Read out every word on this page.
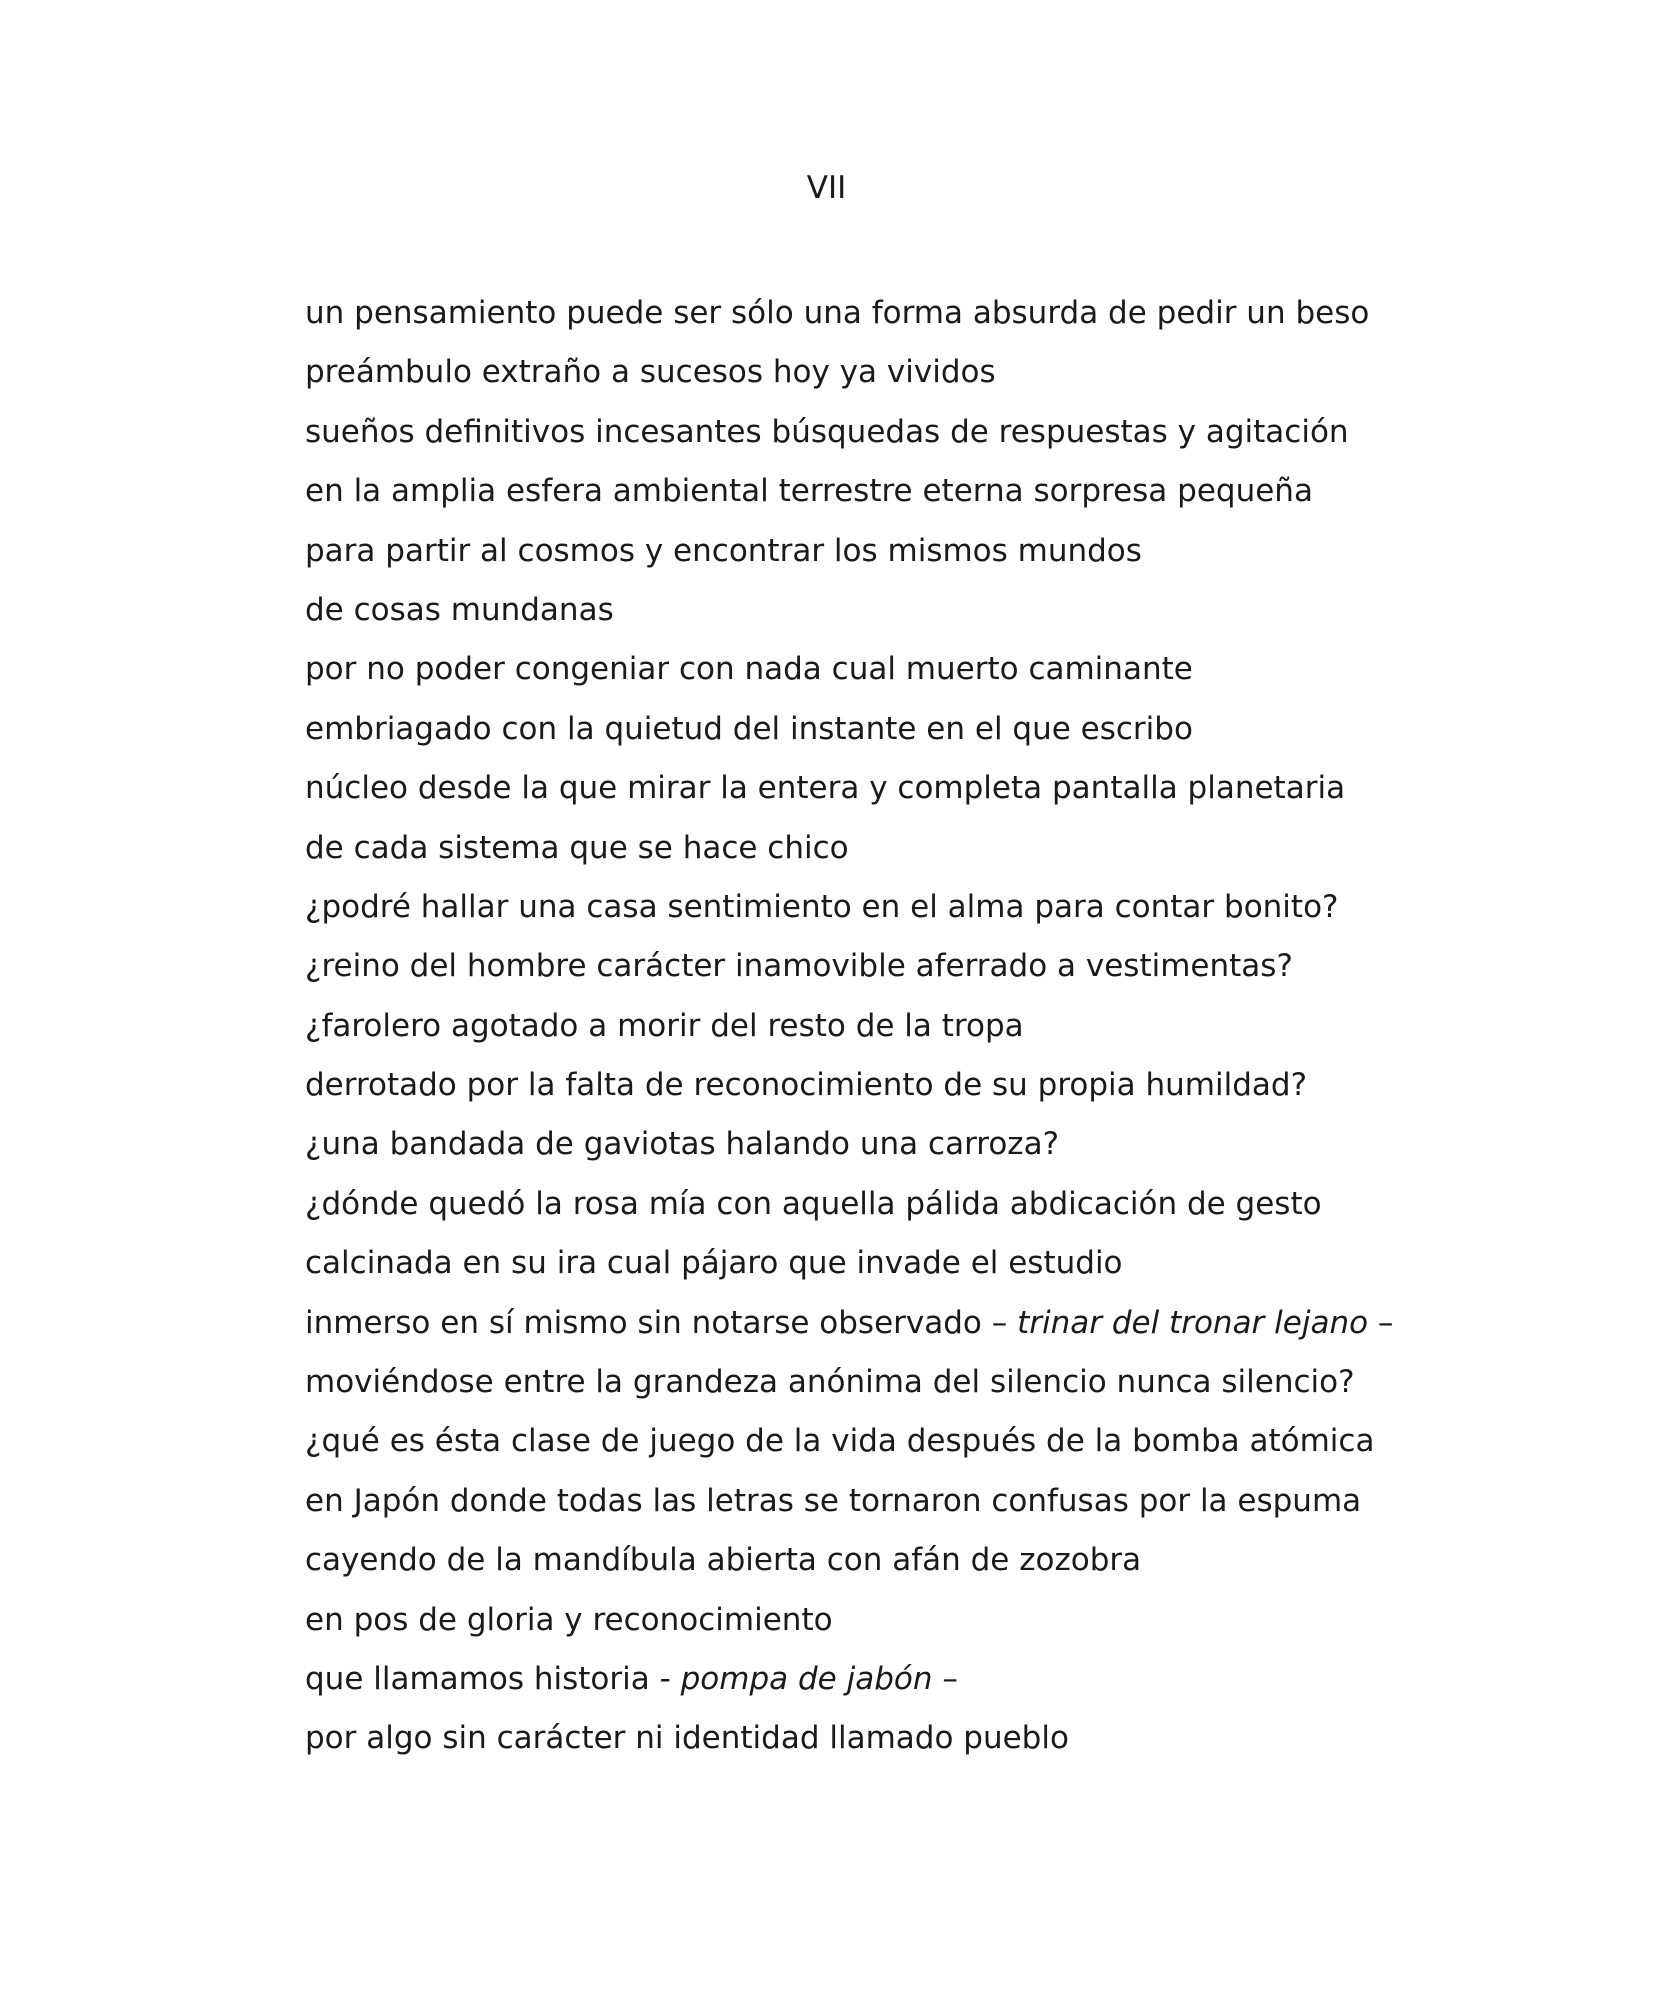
VII
un pensamiento puede ser sólo una forma absurda de pedir un beso
preámbulo extraño a sucesos hoy ya vividos
sueños definitivos incesantes búsquedas de respuestas y agitación
en la amplia esfera ambiental terrestre eterna sorpresa pequeña
para partir al cosmos y encontrar los mismos mundos
de cosas mundanas
por no poder congeniar con nada cual muerto caminante
embriagado con la quietud del instante en el que escribo
núcleo desde la que mirar la entera y completa pantalla planetaria
de cada sistema que se hace chico
¿podré hallar una casa sentimiento en el alma para contar bonito?
¿reino del hombre carácter inamovible aferrado a vestimentas?
¿farolero agotado a morir del resto de la tropa
derrotado por la falta de reconocimiento de su propia humildad?
¿una bandada de gaviotas halando una carroza?
¿dónde quedó la rosa mía con aquella pálida abdicación de gesto
calcinada en su ira cual pájaro que invade el estudio
inmerso en sí mismo sin notarse observado – trinar del tronar lejano –
moviéndose entre la grandeza anónima del silencio nunca silencio?
¿qué es ésta clase de juego de la vida después de la bomba atómica
en Japón donde todas las letras se tornaron confusas por la espuma
cayendo de la mandíbula abierta con afán de zozobra
en pos de gloria y reconocimiento
que llamamos historia - pompa de jabón –
por algo sin carácter ni identidad llamado pueblo
